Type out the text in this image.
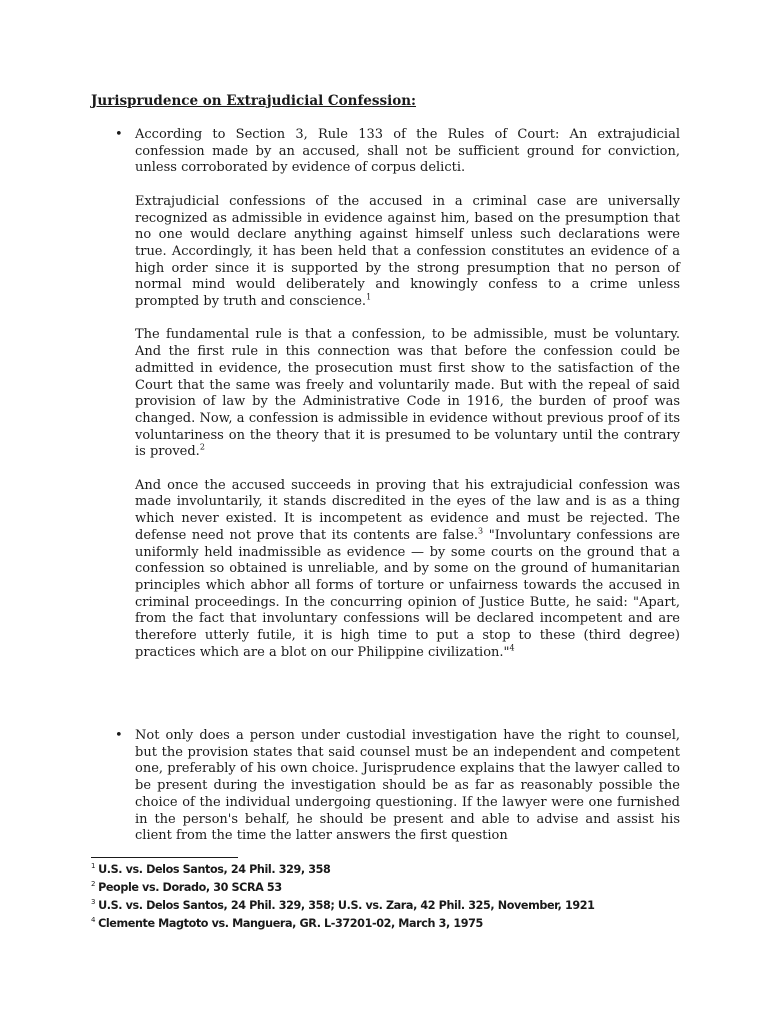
Jurisprudence on Extrajudicial Confession:
• According to Section 3, Rule 133 of the Rules of Court: An extrajudicial confession made by an accused, shall not be sufficient ground for conviction, unless corroborated by evidence of corpus delicti.

Extrajudicial confessions of the accused in a criminal case are universally recognized as admissible in evidence against him, based on the presumption that no one would declare anything against himself unless such declarations were true. Accordingly, it has been held that a confession constitutes an evidence of a high order since it is supported by the strong presumption that no person of normal mind would deliberately and knowingly confess to a crime unless prompted by truth and conscience.$^1$

The fundamental rule is that a confession, to be admissible, must be voluntary. And the first rule in this connection was that before the confession could be admitted in evidence, the prosecution must first show to the satisfaction of the Court that the same was freely and voluntarily made. But with the repeal of said provision of law by the Administrative Code in 1916, the burden of proof was changed. Now, a confession is admissible in evidence without previous proof of its voluntariness on the theory that it is presumed to be voluntary until the contrary is proved.$^2$

And once the accused succeeds in proving that his extrajudicial confession was made involuntarily, it stands discredited in the eyes of the law and is as a thing which never existed. It is incompetent as evidence and must be rejected. The defense need not prove that its contents are false.$^3$ "Involuntary confessions are uniformly held inadmissible as evidence — by some courts on the ground that a confession so obtained is unreliable, and by some on the ground of humanitarian principles which abhor all forms of torture or unfairness towards the accused in criminal proceedings. In the concurring opinion of Justice Butte, he said: "Apart, from the fact that involuntary confessions will be declared incompetent and are therefore utterly futile, it is high time to put a stop to these (third degree) practices which are a blot on our Philippine civilization."$^4$

• Not only does a person under custodial investigation have the right to counsel, but the provision states that said counsel must be an independent and competent one, preferably of his own choice. Jurisprudence explains that the lawyer called to be present during the investigation should be as far as reasonably possible the choice of the individual undergoing questioning. If the lawyer were one furnished in the person's behalf, he should be present and able to advise and assist his client from the time the latter answers the first question

$^1$ U.S. vs. Delos Santos, 24 Phil. 329, 358
$^2$ People vs. Dorado, 30 SCRA 53
$^3$ U.S. vs. Delos Santos, 24 Phil. 329, 358; U.S. vs. Zara, 42 Phil. 325, November, 1921
$^4$ Clemente Magtoto vs. Manguera, GR. L-37201-02, March 3, 1975
